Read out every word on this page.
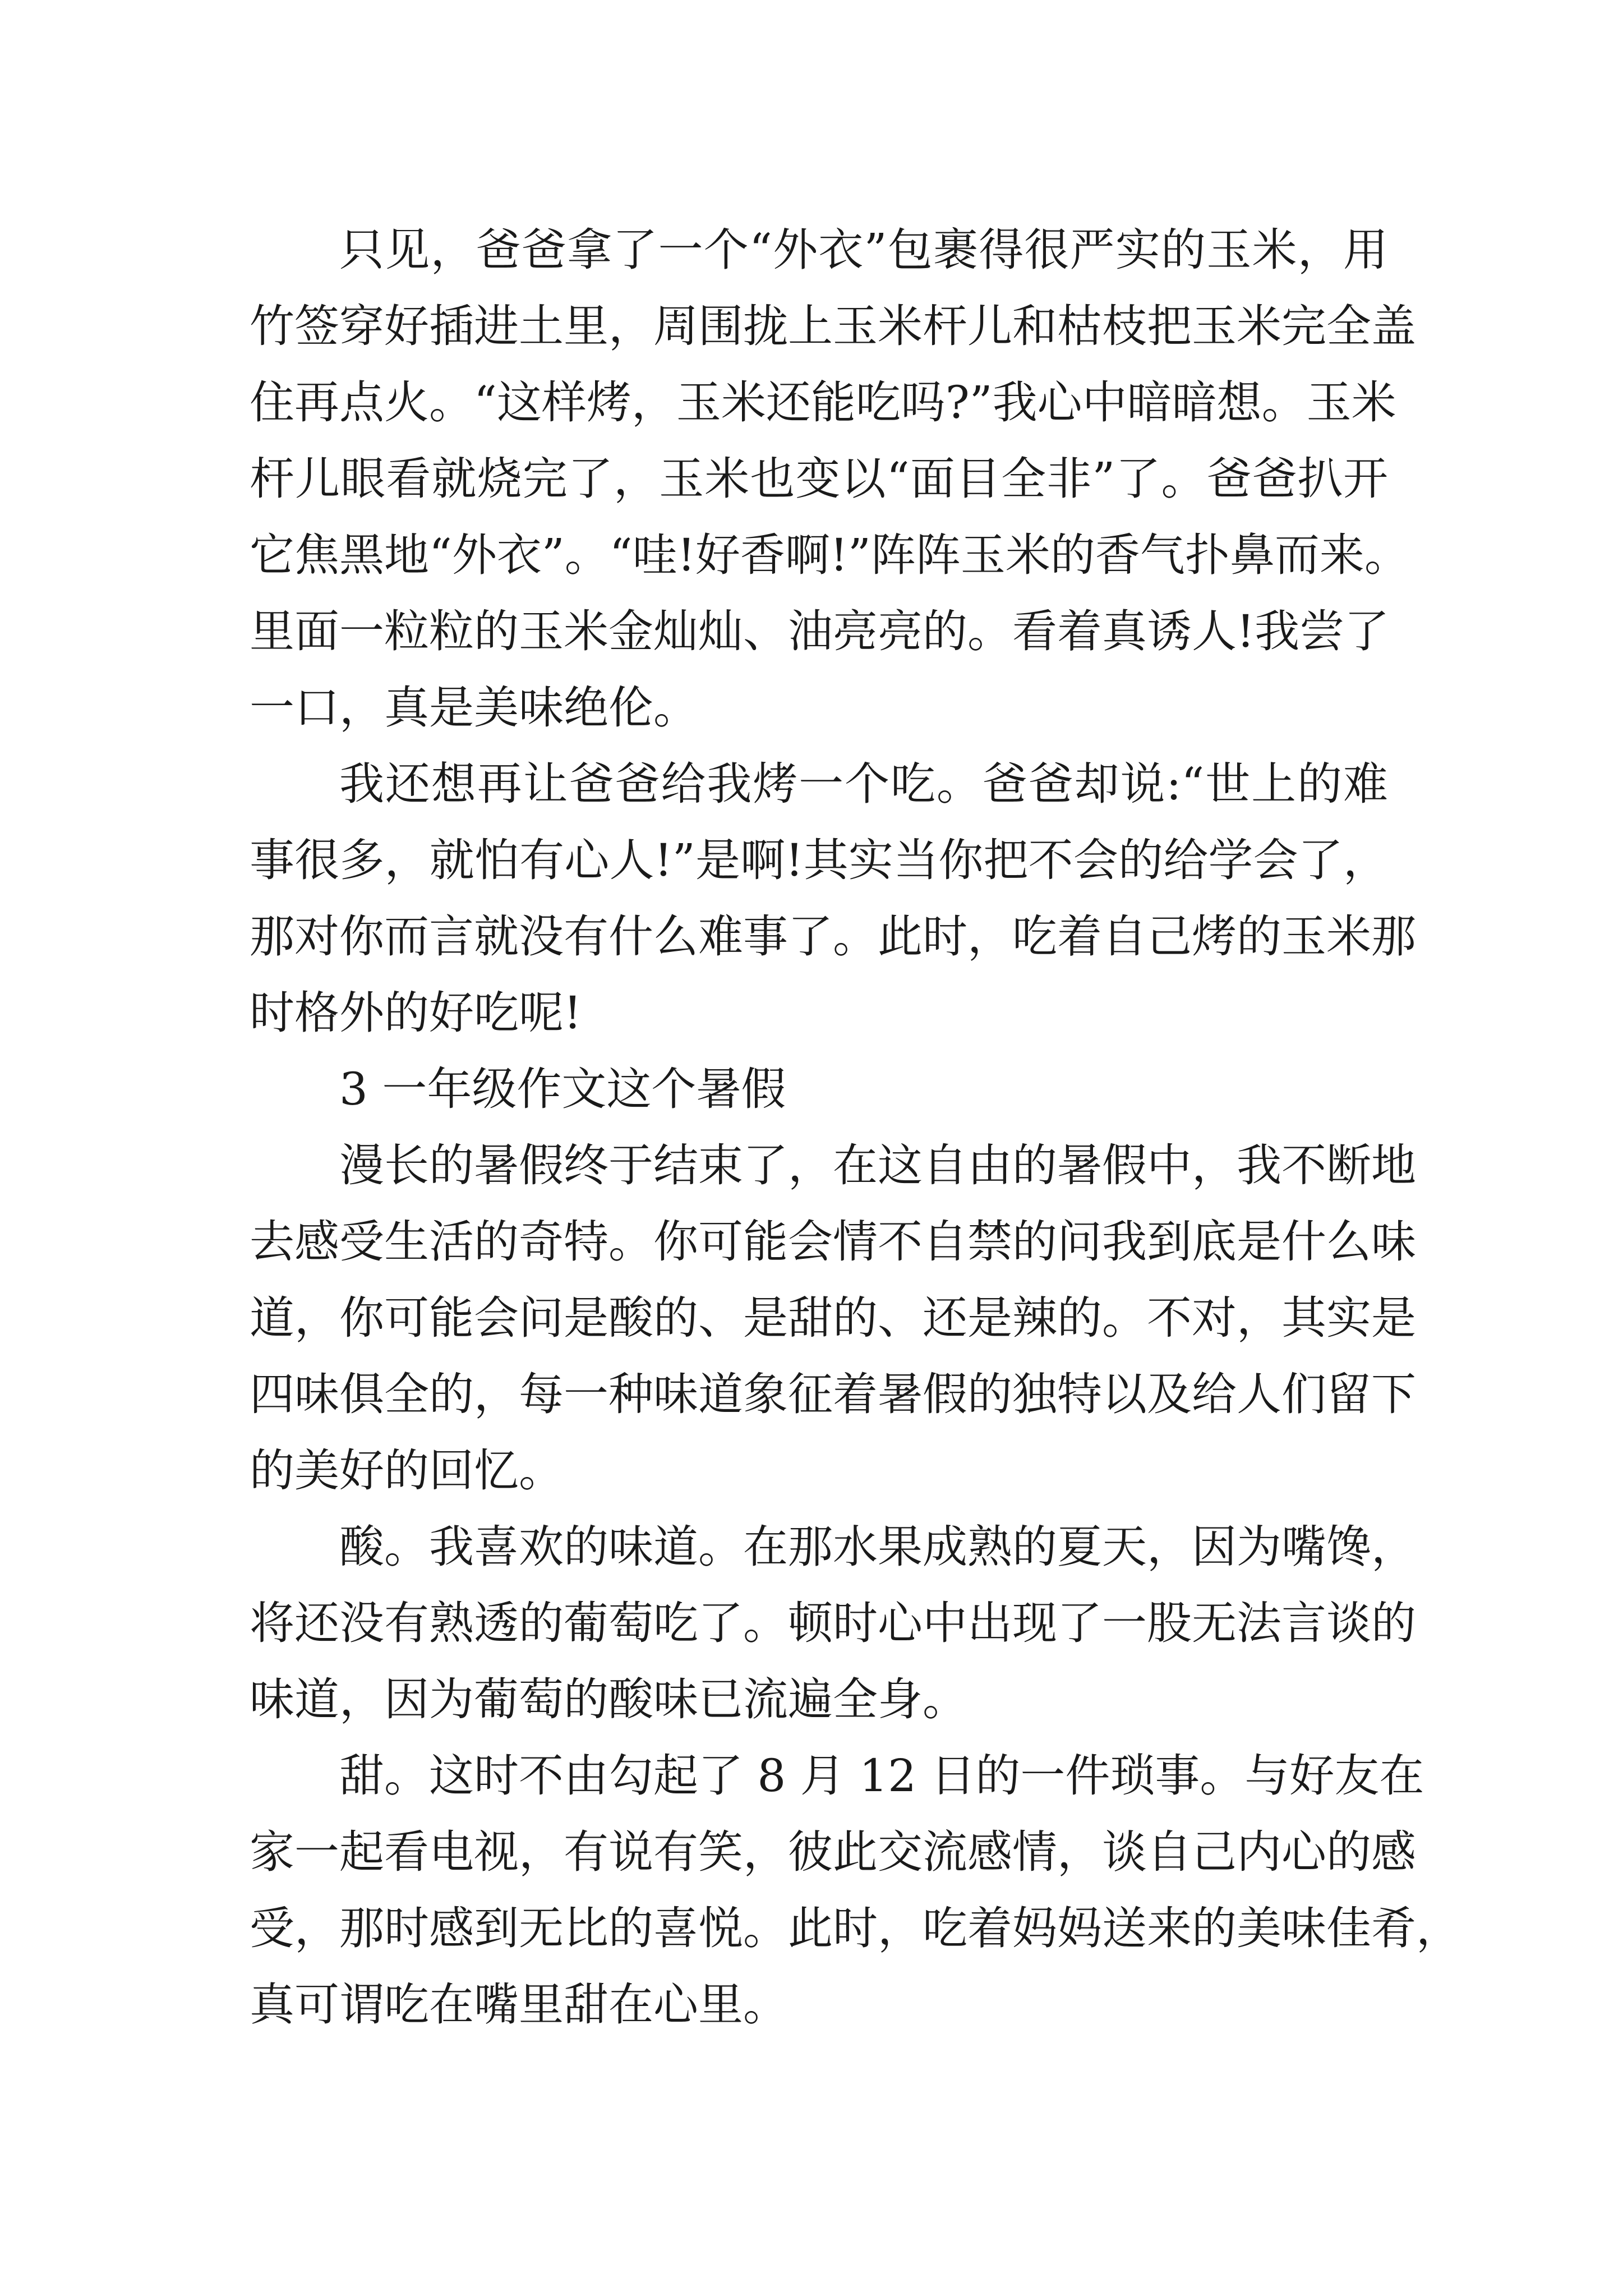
只见，爸爸拿了一个“外衣”包裹得很严实的玉米，用
竹签穿好插进土里，周围拢上玉米杆儿和枯枝把玉米完全盖
住再点火。“这样烤，玉米还能吃吗?”我心中暗暗想。玉米
杆儿眼看就烧完了，玉米也变以“面目全非”了。爸爸扒开
它焦黑地“外衣”。“哇!好香啊!”阵阵玉米的香气扑鼻而来。
里面一粒粒的玉米金灿灿、油亮亮的。看着真诱人!我尝了
一口，真是美味绝伦。
我还想再让爸爸给我烤一个吃。爸爸却说:“世上的难
事很多，就怕有心人!”是啊!其实当你把不会的给学会了，
那对你而言就没有什么难事了。此时，吃着自己烤的玉米那
时格外的好吃呢!
3 一年级作文这个暑假
漫长的暑假终于结束了，在这自由的暑假中，我不断地
去感受生活的奇特。你可能会情不自禁的问我到底是什么味
道，你可能会问是酸的、是甜的、还是辣的。不对，其实是
四味俱全的，每一种味道象征着暑假的独特以及给人们留下
的美好的回忆。
酸。我喜欢的味道。在那水果成熟的夏天，因为嘴馋，
将还没有熟透的葡萄吃了。顿时心中出现了一股无法言谈的
味道，因为葡萄的酸味已流遍全身。
甜。这时不由勾起了 8 月 12 日的一件琐事。与好友在
家一起看电视，有说有笑，彼此交流感情，谈自己内心的感
受，那时感到无比的喜悦。此时，吃着妈妈送来的美味佳肴，
真可谓吃在嘴里甜在心里。
